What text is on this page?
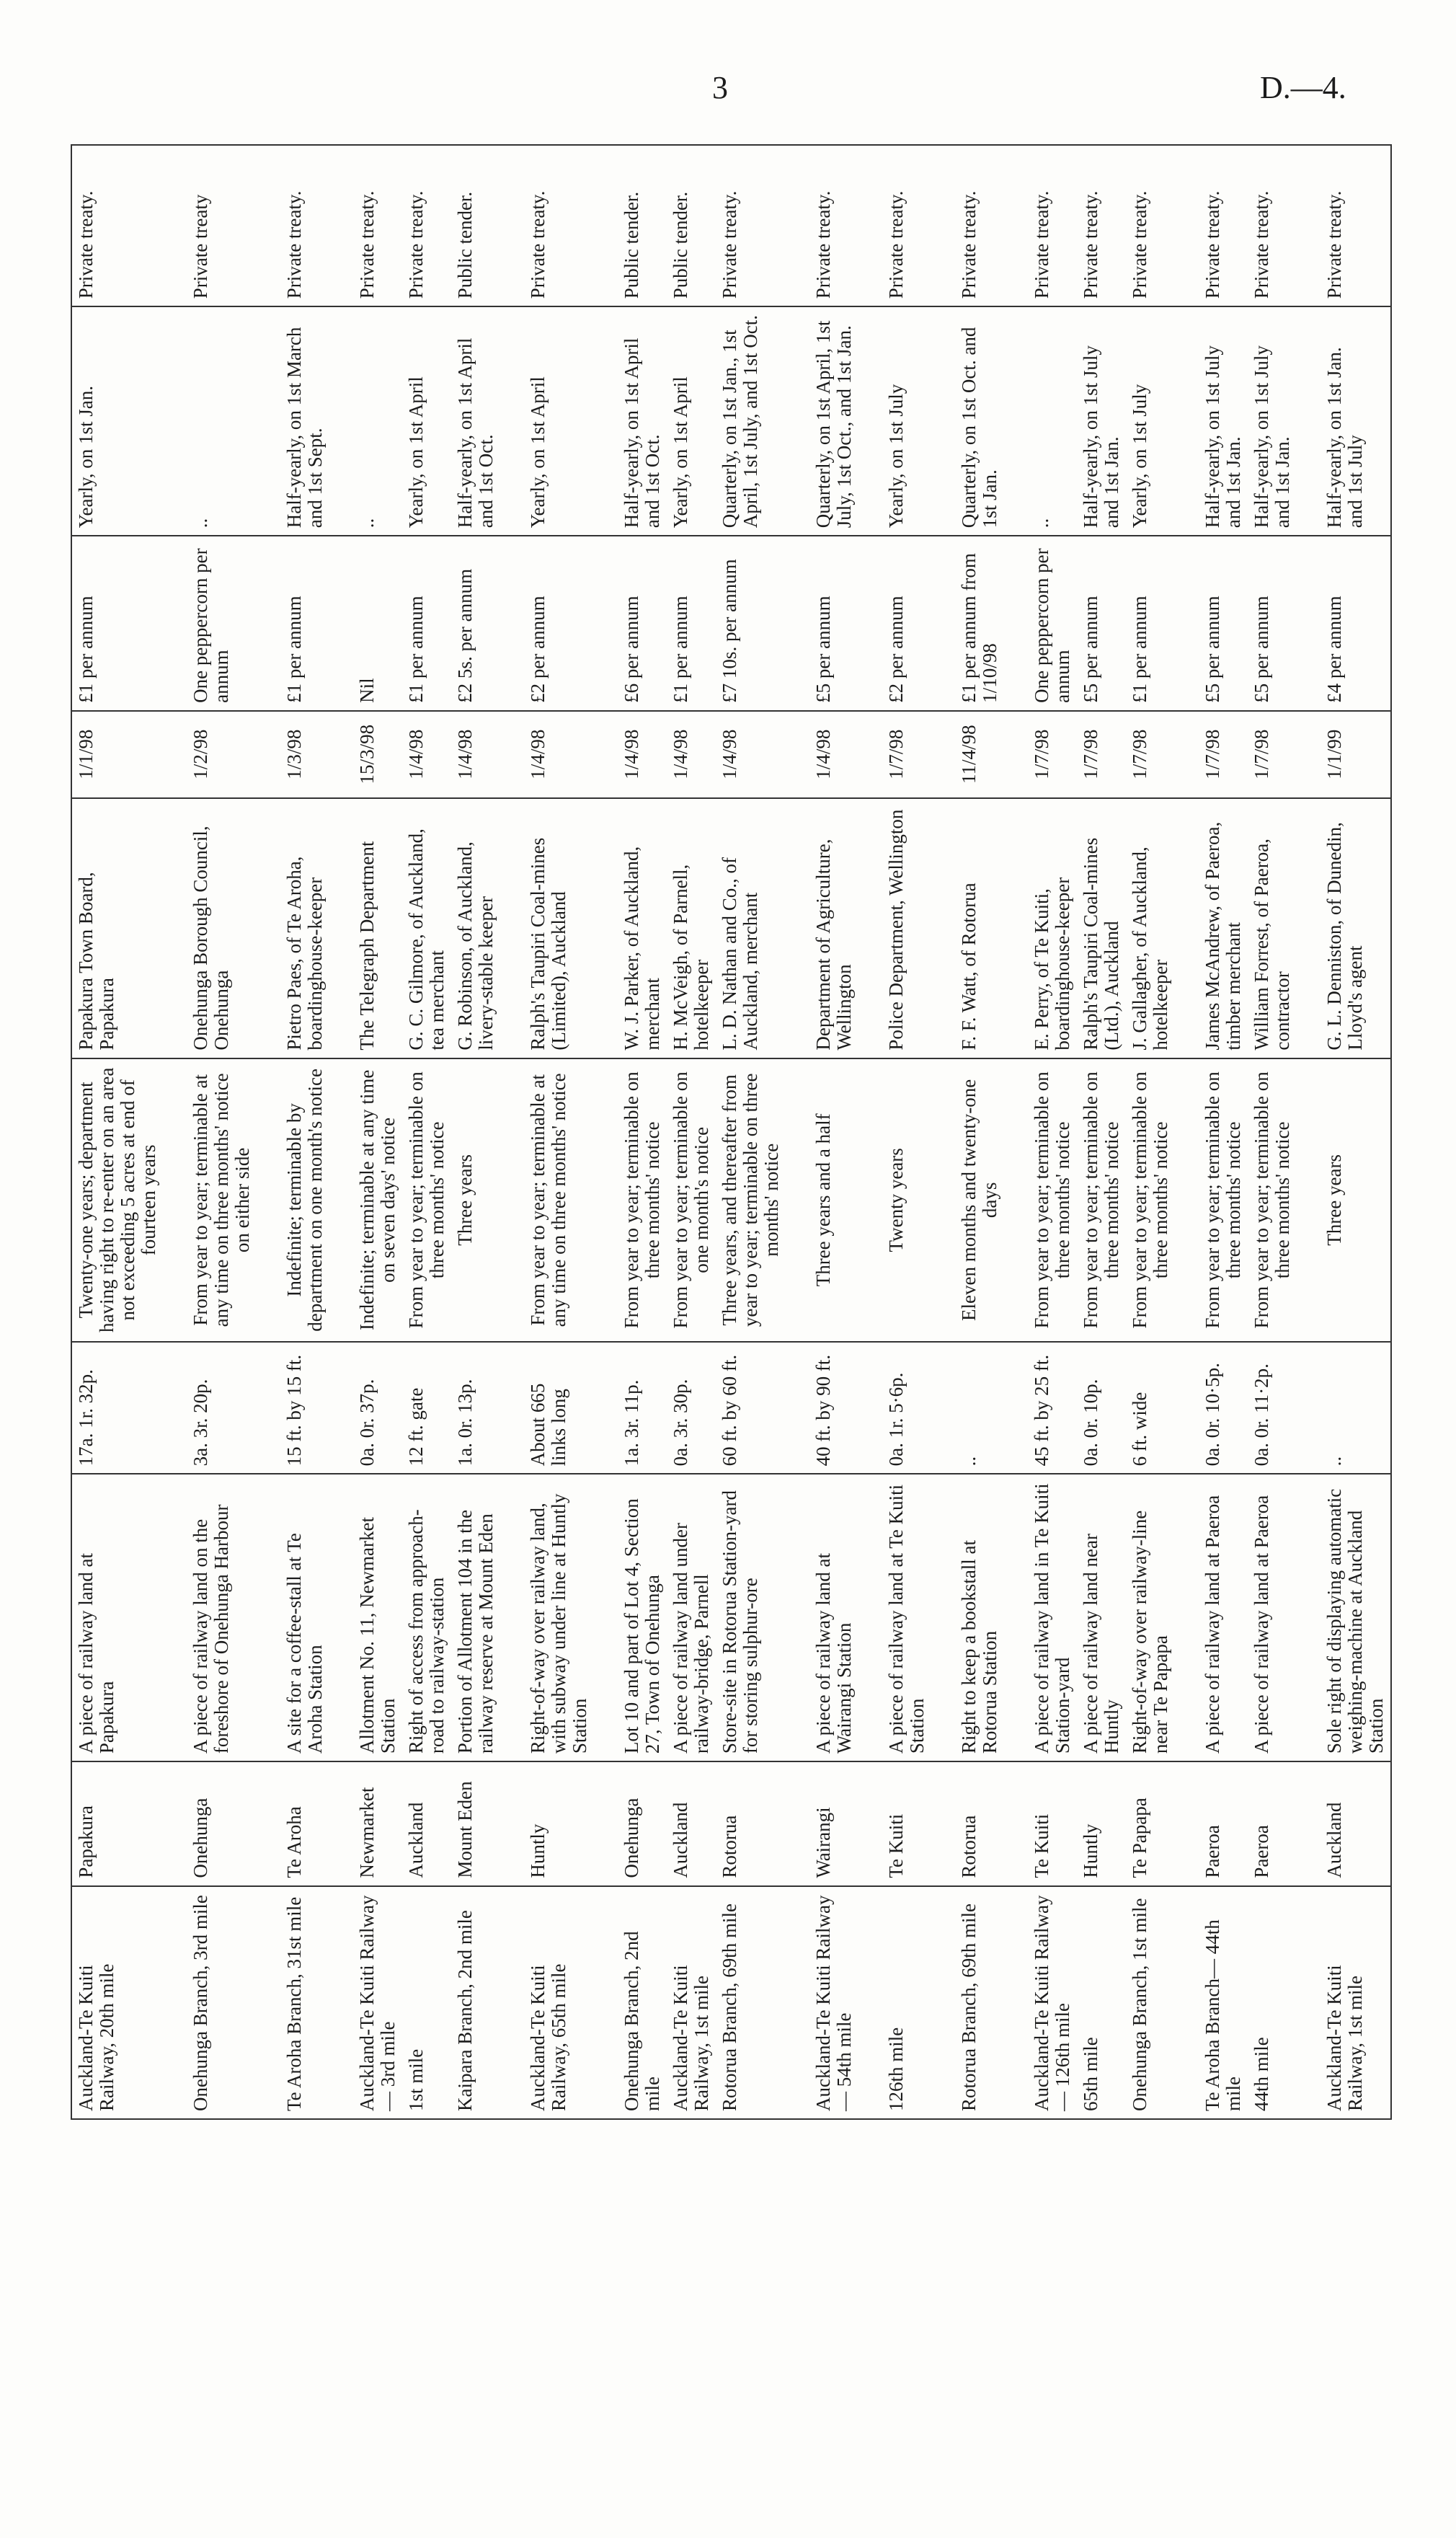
3	D.—4.
Auckland-Te Kuiti Railway, 20th mile	Papakura	A piece of railway land at Papakura	17a. 1r. 32p.	Twenty-one years; department having right to re-enter on an area not exceeding 5 acres at end of fourteen years	Papakura Town Board, Papakura	1/1/98	£1 per annum	Yearly, on 1st Jan.	Private treaty.
Onehunga Branch, 3rd mile	Onehunga	A piece of railway land on the foreshore of Onehunga Harbour	3a. 3r. 20p.	From year to year; terminable at any time on three months' notice on either side	Onehunga Borough Council, Onehunga	1/2/98	One peppercorn per annum	..	Private treaty
Te Aroha Branch, 31st mile	Te Aroha	A site for a coffee-stall at Te Aroha Station	15 ft. by 15 ft.	Indefinite; terminable by department on one month's notice	Pietro Paes, of Te Aroha, boardinghouse-keeper	1/3/98	£1 per annum	Half-yearly, on 1st March and 1st Sept.	Private treaty.
Auckland-Te Kuiti Railway— 3rd mile	Newmarket	Allotment No. 11, Newmarket Station	0a. 0r. 37p.	Indefinite; terminable at any time on seven days' notice	The Telegraph Department	15/3/98	Nil	..	Private treaty.
1st mile	Auckland	Right of access from approach-road to railway-station	12 ft. gate	From year to year; terminable on three months' notice	G. C. Gilmore, of Auckland, tea merchant	1/4/98	£1 per annum	Yearly, on 1st April	Private treaty.
Kaipara Branch, 2nd mile	Mount Eden	Portion of Allotment 104 in the railway reserve at Mount Eden	1a. 0r. 13p.	Three years	G. Robinson, of Auckland, livery-stable keeper	1/4/98	£2 5s. per annum	Half-yearly, on 1st April and 1st Oct.	Public tender.
Auckland-Te Kuiti Railway, 65th mile	Huntly	Right-of-way over railway land, with subway under line at Huntly Station	About 665 links long	From year to year; terminable at any time on three months' notice	Ralph's Taupiri Coal-mines (Limited), Auckland	1/4/98	£2 per annum	Yearly, on 1st April	Private treaty.
Onehunga Branch, 2nd mile	Onehunga	Lot 10 and part of Lot 4, Section 27, Town of Onehunga	1a. 3r. 11p.	From year to year; terminable on three months' notice	W. J. Parker, of Auckland, merchant	1/4/98	£6 per annum	Half-yearly, on 1st April and 1st Oct.	Public tender.
Auckland-Te Kuiti Railway, 1st mile	Auckland	A piece of railway land under railway-bridge, Parnell	0a. 3r. 30p.	From year to year; terminable on one month's notice	H. McVeigh, of Parnell, hotelkeeper	1/4/98	£1 per annum	Yearly, on 1st April	Public tender.
Rotorua Branch, 69th mile	Rotorua	Store-site in Rotorua Station-yard for storing sulphur-ore	60 ft. by 60 ft.	Three years, and thereafter from year to year; terminable on three months' notice	L. D. Nathan and Co., of Auckland, merchant	1/4/98	£7 10s. per annum	Quarterly, on 1st Jan., 1st April, 1st July, and 1st Oct.	Private treaty.
Auckland-Te Kuiti Railway— 54th mile	Wairangi	A piece of railway land at Wairangi Station	40 ft. by 90 ft.	Three years and a half	Department of Agriculture, Wellington	1/4/98	£5 per annum	Quarterly, on 1st April, 1st July, 1st Oct., and 1st Jan.	Private treaty.
126th mile	Te Kuiti	A piece of railway land at Te Kuiti Station	0a. 1r. 5·6p.	Twenty years	Police Department, Wellington	1/7/98	£2 per annum	Yearly, on 1st July	Private treaty.
Rotorua Branch, 69th mile	Rotorua	Right to keep a bookstall at Rotorua Station	..	Eleven months and twenty-one days	F. F. Watt, of Rotorua	11/4/98	£1 per annum from 1/10/98	Quarterly, on 1st Oct. and 1st Jan.	Private treaty.
Auckland-Te Kuiti Railway— 126th mile	Te Kuiti	A piece of railway land in Te Kuiti Station-yard	45 ft. by 25 ft.	From year to year; terminable on three months' notice	E. Perry, of Te Kuiti, boardinghouse-keeper	1/7/98	One peppercorn per annum	..	Private treaty.
65th mile	Huntly	A piece of railway land near Huntly	0a. 0r. 10p.	From year to year; terminable on three months' notice	Ralph's Taupiri Coal-mines (Ltd.), Auckland	1/7/98	£5 per annum	Half-yearly, on 1st July and 1st Jan.	Private treaty.
Onehunga Branch, 1st mile	Te Papapa	Right-of-way over railway-line near Te Papapa	6 ft. wide	From year to year; terminable on three months' notice	J. Gallagher, of Auckland, hotelkeeper	1/7/98	£1 per annum	Yearly, on 1st July	Private treaty.
Te Aroha Branch— 44th mile	Paeroa	A piece of railway land at Paeroa	0a. 0r. 10·5p.	From year to year; terminable on three months' notice	James McAndrew, of Paeroa, timber merchant	1/7/98	£5 per annum	Half-yearly, on 1st July and 1st Jan.	Private treaty.
44th mile	Paeroa	A piece of railway land at Paeroa	0a. 0r. 11·2p.	From year to year; terminable on three months' notice	William Forrest, of Paeroa, contractor	1/7/98	£5 per annum	Half-yearly, on 1st July and 1st Jan.	Private treaty.
Auckland-Te Kuiti Railway, 1st mile	Auckland	Sole right of displaying automatic weighing-machine at Auckland Station	..	Three years	G. L. Denniston, of Dunedin, Lloyd's agent	1/1/99	£4 per annum	Half-yearly, on 1st Jan. and 1st July	Private treaty.
